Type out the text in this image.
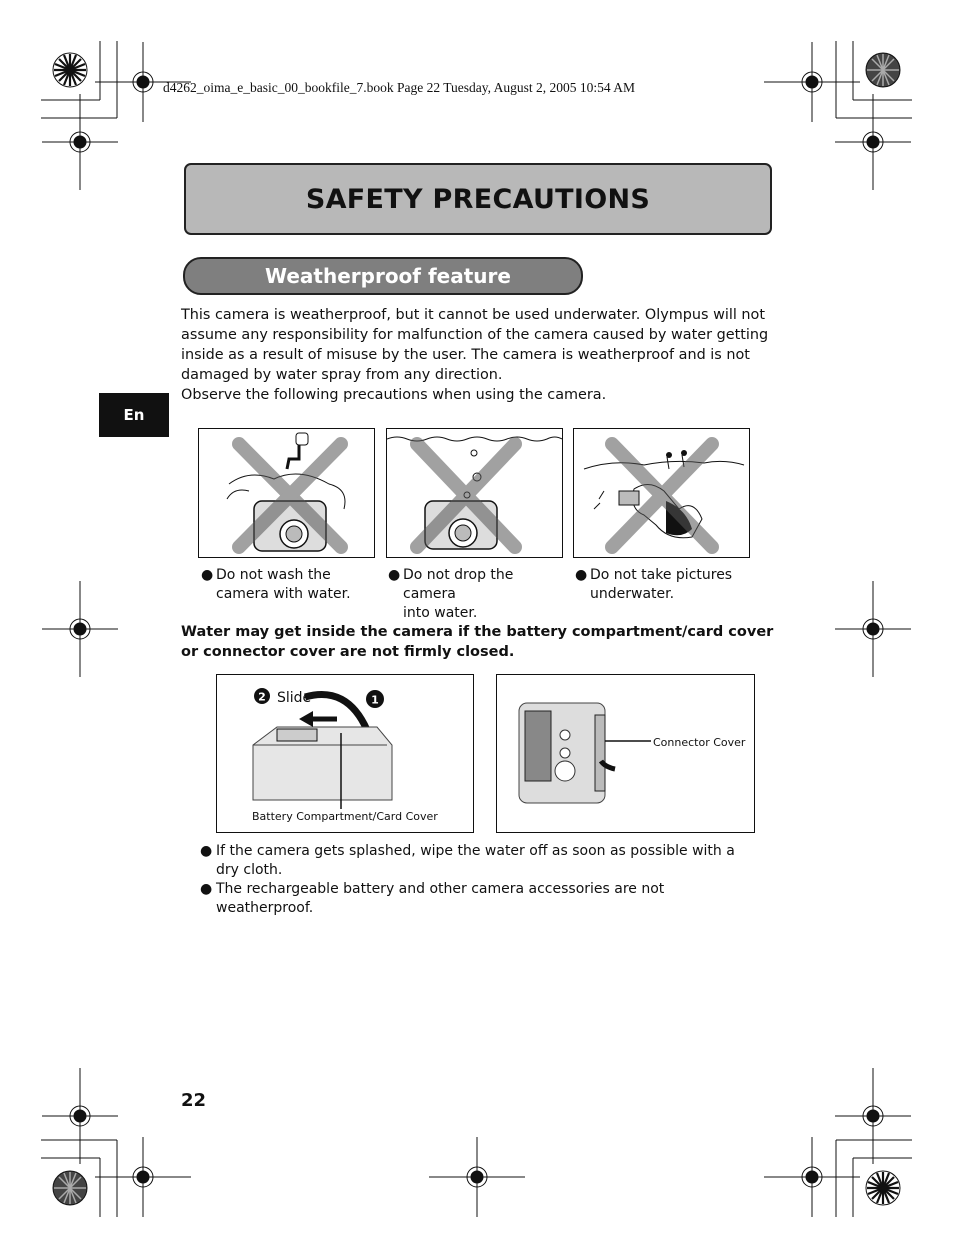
d4262_oima_e_basic_00_bookfile_7.book Page 22 Tuesday, August 2, 2005 10:54 AM
SAFETY PRECAUTIONS
Weatherproof feature
En

This camera is weatherproof, but it cannot be used underwater. Olympus will not assume any responsibility for malfunction of the camera caused by water getting inside as a result of misuse by the user. The camera is weatherproof and is not damaged by water spray from any direction.

Observe the following precautions when using the camera.

● Do not wash the
camera with water.
● Do not drop the camera
into water.
● Do not take pictures
underwater.
Water may get inside the camera if the battery compartment/card cover or connector cover are not firmly closed.
2 Slide	1
Battery Compartment/Card Cover
Connector Cover
● If the camera gets splashed, wipe the water off as soon as possible with a dry cloth.
● The rechargeable battery and other camera accessories are not weatherproof.
22
